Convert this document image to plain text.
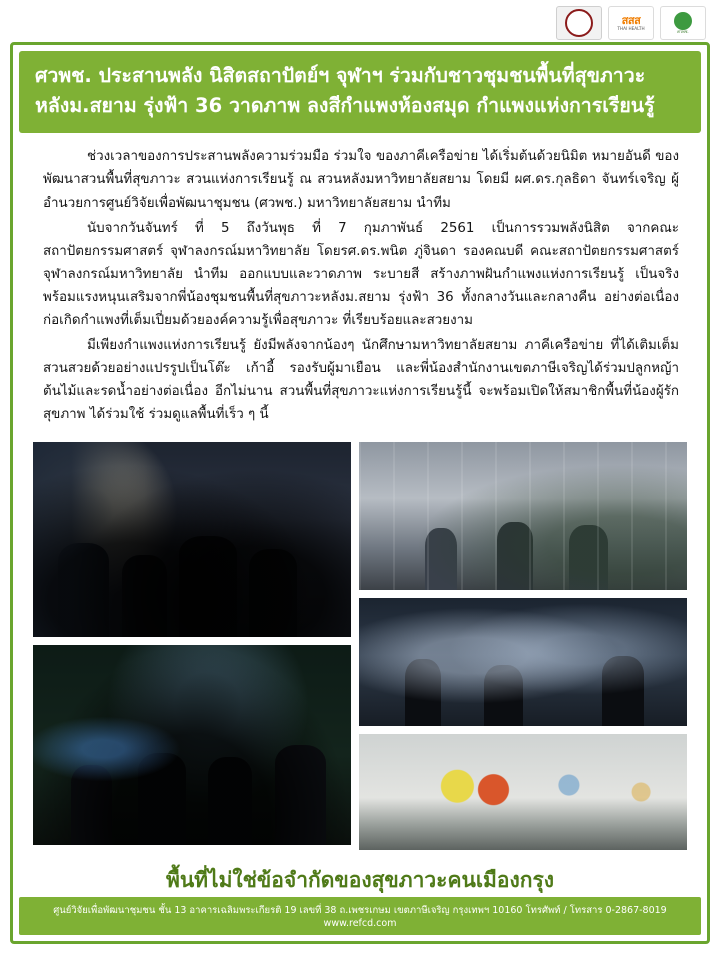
สสส
THAI HEALTH
ศวพช.
ศวพช. ประสานพลัง นิสิตสถาปัตย์ฯ จุฬาฯ ร่วมกับชาวชุมชนพื้นที่สุขภาวะ
หลังม.สยาม รุ่งฟ้า 36 วาดภาพ ลงสีกำแพงห้องสมุด กำแพงแห่งการเรียนรู้

ช่วงเวลาของการประสานพลังความร่วมมือ ร่วมใจ ของภาคีเครือข่าย ได้เริ่มต้นด้วยนิมิต หมายอันดี ของพัฒนาสวนพื้นที่สุขภาวะ สวนแห่งการเรียนรู้ ณ สวนหลังมหาวิทยาลัยสยาม โดยมี ผศ.ดร.กุลธิดา จันทร์เจริญ ผู้อำนวยการศูนย์วิจัยเพื่อพัฒนาชุมชน (ศวพช.) มหาวิทยาลัยสยาม นำทีม

นับจากวันจันทร์ ที่ 5 ถึงวันพุธ ที่ 7 กุมภาพันธ์ 2561 เป็นการรวมพลังนิสิต จากคณะสถาปัตยกรรมศาสตร์ จุฬาลงกรณ์มหาวิทยาลัย โดยรศ.ดร.พนิต ภู่จินดา รองคณบดี คณะสถาปัตยกรรมศาสตร์ จุฬาลงกรณ์มหาวิทยาลัย นำทีม ออกแบบและวาดภาพ ระบายสี สร้างภาพฝันกำแพงแห่งการเรียนรู้ เป็นจริง พร้อมแรงหนุนเสริมจากพี่น้องชุมชนพื้นที่สุขภาวะหลังม.สยาม รุ่งฟ้า 36 ทั้งกลางวันและกลางคืน อย่างต่อเนื่อง ก่อเกิดกำแพงที่เต็มเปี่ยมด้วยองค์ความรู้เพื่อสุขภาวะ ที่เรียบร้อยและสวยงาม

มีเพียงกำแพงแห่งการเรียนรู้ ยังมีพลังจากน้องๆ นักศึกษามหาวิทยาลัยสยาม ภาคีเครือข่าย ที่ได้เติมเต็มสวนสวยด้วยอย่างแปรรูปเป็นโต๊ะ เก้าอี้ รองรับผู้มาเยือน และพี่น้องสำนักงานเขตภาษีเจริญได้ร่วมปลูกหญ้า ต้นไม้และรดน้ำอย่างต่อเนื่อง อีกไม่นาน สวนพื้นที่สุขภาวะแห่งการเรียนรู้นี้ จะพร้อมเปิดให้สมาชิกพื้นที่น้องผู้รักสุขภาพ ได้ร่วมใช้ ร่วมดูแลพื้นที่เร็ว ๆ นี้

พื้นที่ไม่ใช่ข้อจำกัดของสุขภาวะคนเมืองกรุง
ศูนย์วิจัยเพื่อพัฒนาชุมชน ชั้น 13 อาคารเฉลิมพระเกียรติ 19 เลขที่ 38 ถ.เพชรเกษม เขตภาษีเจริญ กรุงเทพฯ 10160 โทรศัพท์ / โทรสาร 0-2867-8019 www.refcd.com
